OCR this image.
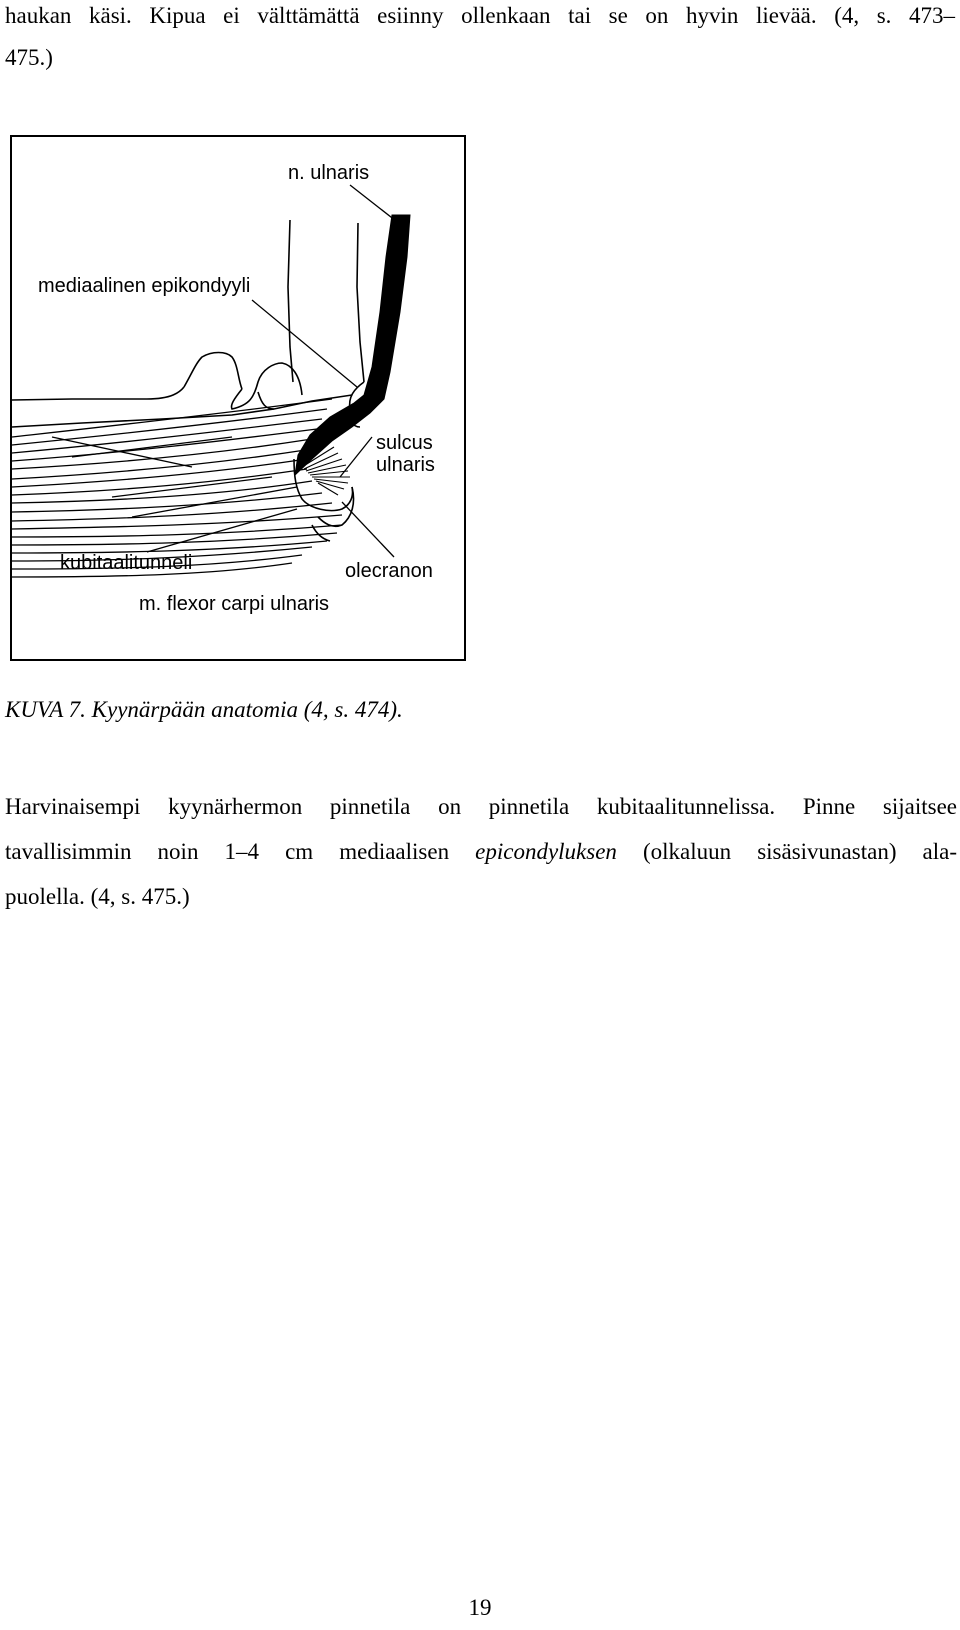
haukan käsi. Kipua ei välttämättä esiinny ollenkaan tai se on hyvin lievää. (4, s. 473–
475.)
n. ulnaris
mediaalinen epikondyyli
sulcus
ulnaris
kubitaalitunneli	olecranon
m. flexor carpi ulnaris
KUVA 7. Kyynärpään anatomia (4, s. 474).
Harvinaisempi kyynärhermon pinnetila on pinnetila kubitaalitunnelissa. Pinne sijaitsee
tavallisimmin noin 1–4 cm mediaalisen epicondyluksen (olkaluun sisäsivunastan) ala-
puolella. (4, s. 475.)
19
